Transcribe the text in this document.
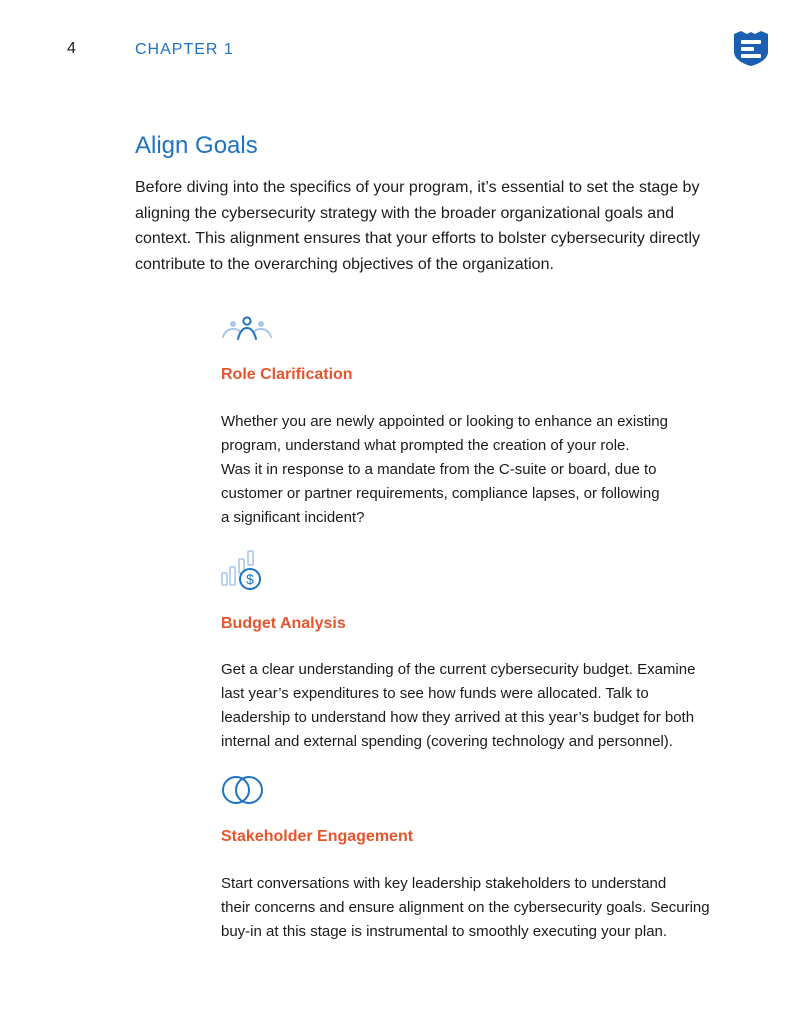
4	CHAPTER 1
Align Goals

Before diving into the specifics of your program, it’s essential to set the stage by aligning the cybersecurity strategy with the broader organizational goals and context. This alignment ensures that your efforts to bolster cybersecurity directly contribute to the overarching objectives of the organization.

Role Clarification

Whether you are newly appointed or looking to enhance an existing
program, understand what prompted the creation of your role.
Was it in response to a mandate from the C-suite or board, due to
customer or partner requirements, compliance lapses, or following
a significant incident?

$
Budget Analysis

Get a clear understanding of the current cybersecurity budget. Examine
last year’s expenditures to see how funds were allocated. Talk to
leadership to understand how they arrived at this year’s budget for both
internal and external spending (covering technology and personnel).

Stakeholder Engagement

Start conversations with key leadership stakeholders to understand
their concerns and ensure alignment on the cybersecurity goals. Securing
buy-in at this stage is instrumental to smoothly executing your plan.
